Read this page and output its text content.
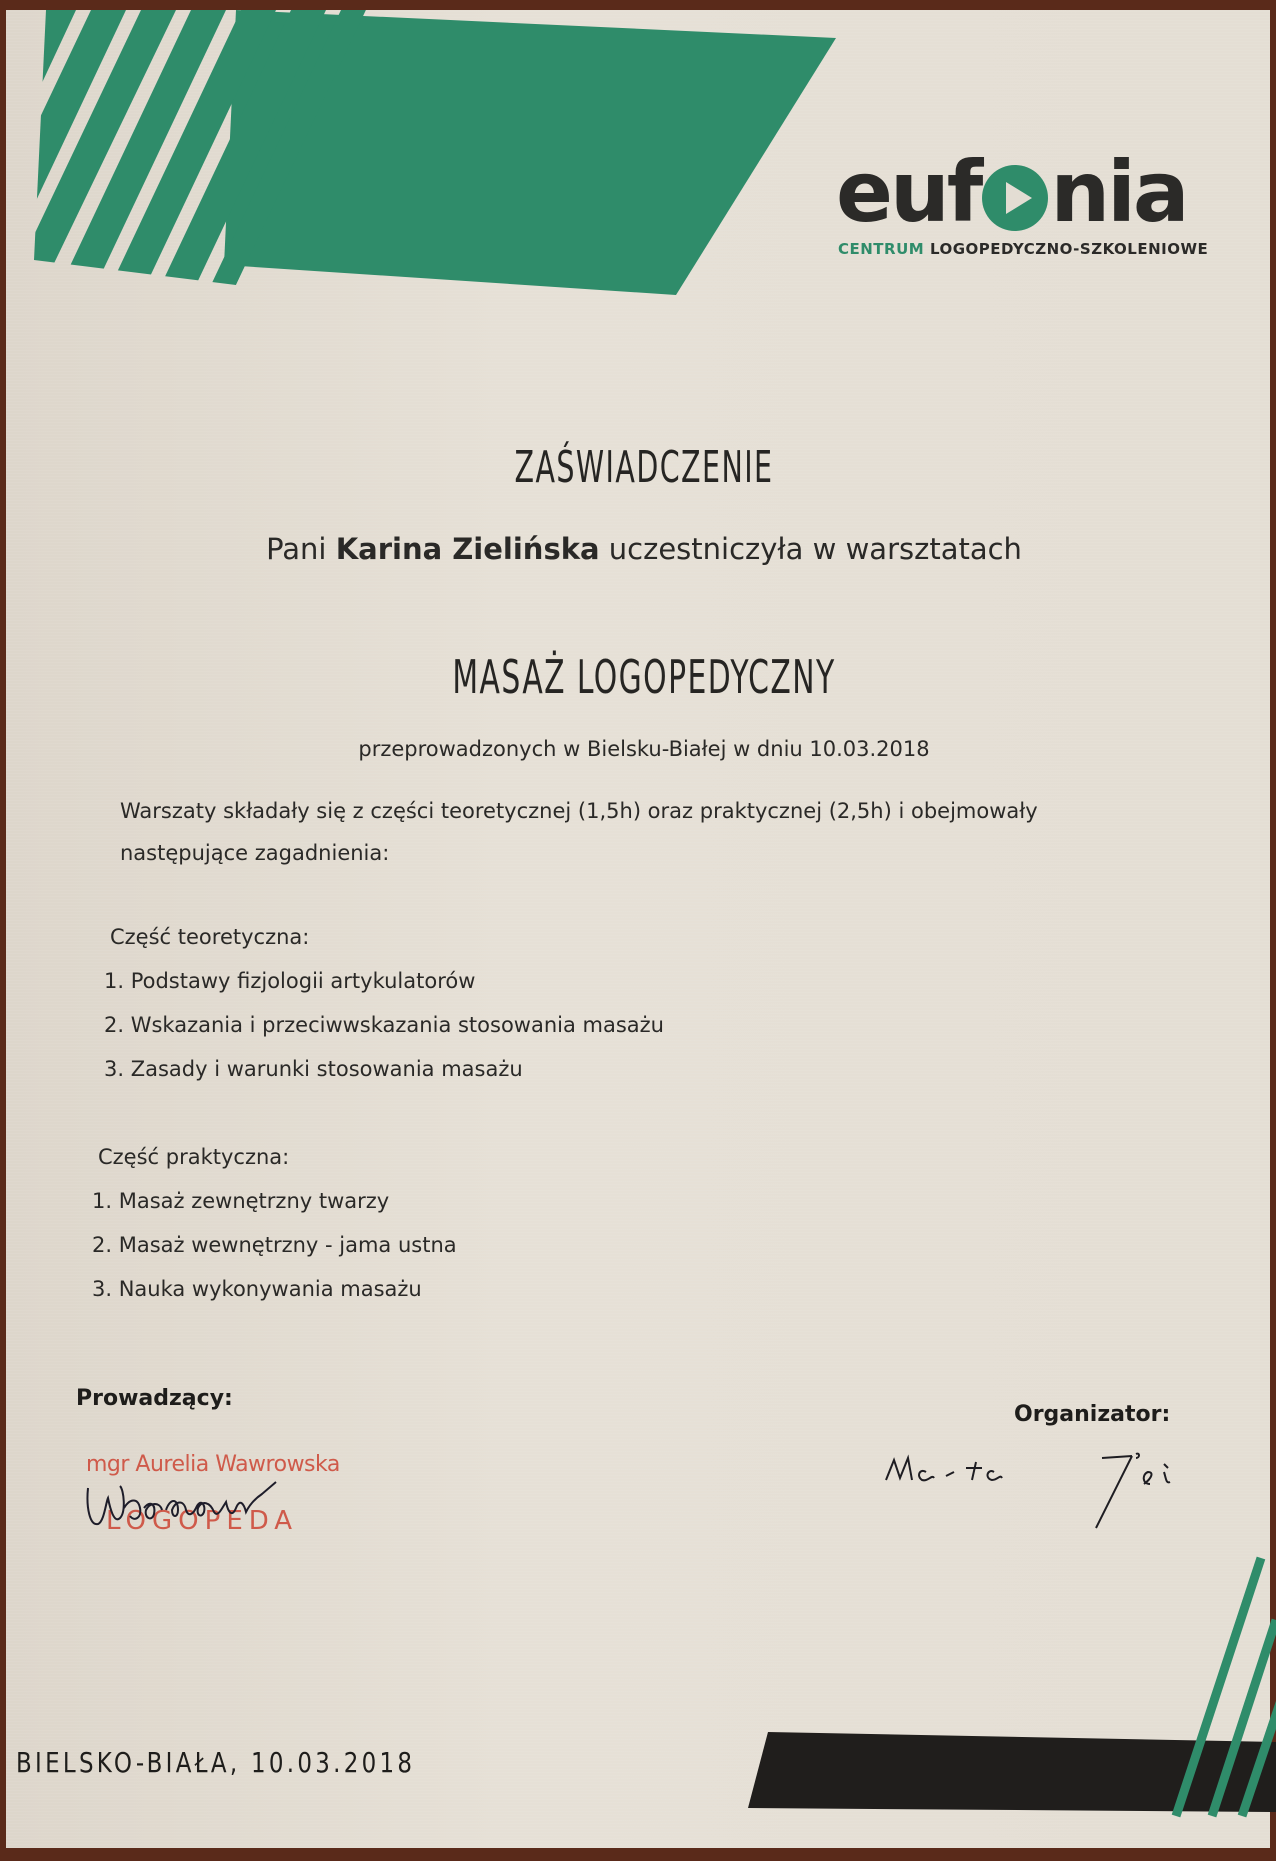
euf nia
CENTRUM LOGOPEDYCZNO-SZKOLENIOWE
ZAŚWIADCZENIE
Pani Karina Zielińska uczestniczyła w warsztatach
MASAŻ LOGOPEDYCZNY
przeprowadzonych w Bielsku-Białej w dniu 10.03.2018
Warszaty składały się z części teoretycznej (1,5h) oraz praktycznej (2,5h) i obejmowały następujące zagadnienia:
Część teoretyczna:
1. Podstawy fizjologii artykulatorów
2. Wskazania i przeciwwskazania stosowania masażu
3. Zasady i warunki stosowania masażu
Część praktyczna:
1. Masaż zewnętrzny twarzy
2. Masaż wewnętrzny - jama ustna
3. Nauka wykonywania masażu
Prowadzący:
Organizator:
mgr Aurelia Wawrowska
LOGOPEDA
BIELSKO-BIAŁA, 10.03.2018
